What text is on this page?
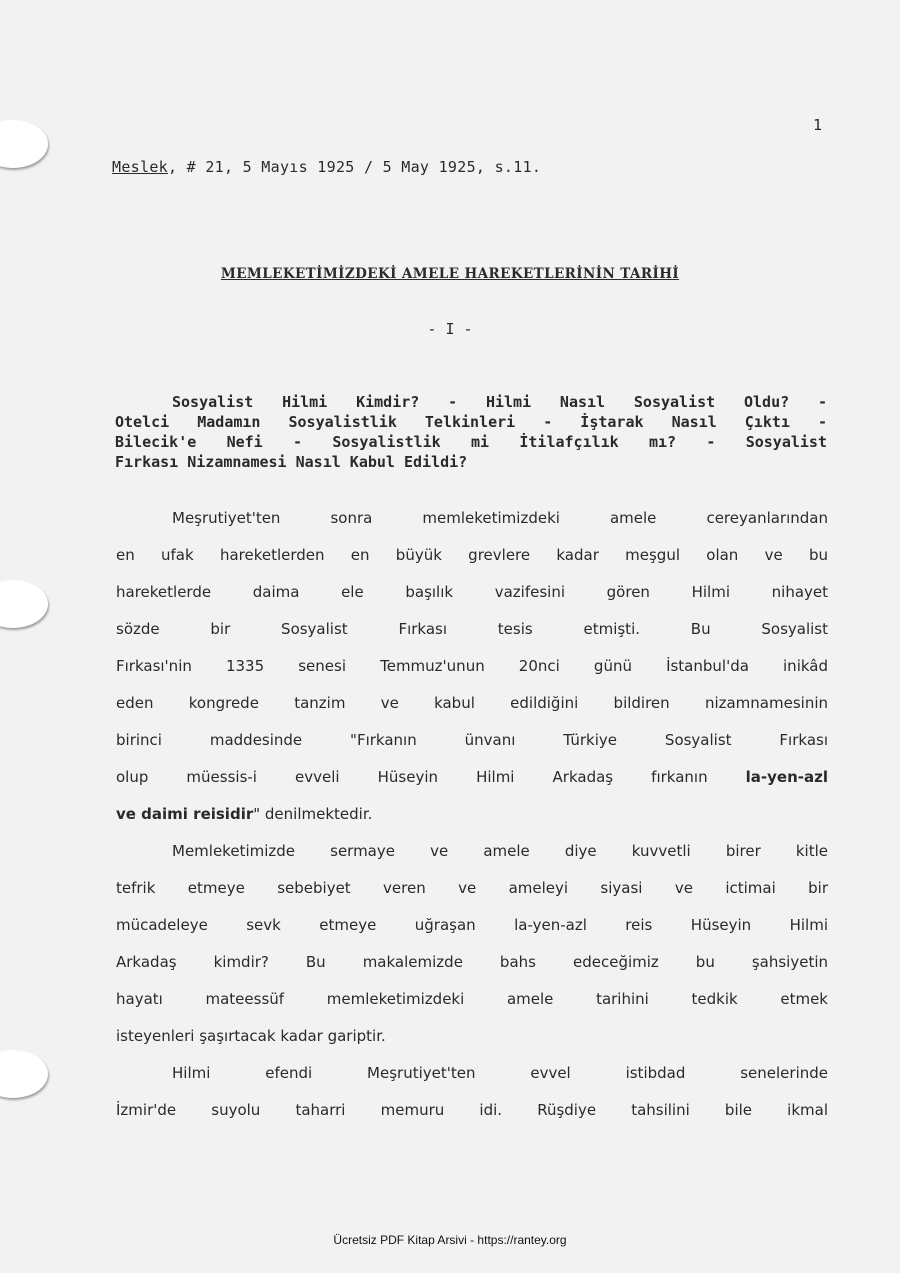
1
Meslek, # 21, 5 Mayıs 1925 / 5 May 1925, s.11.
MEMLEKETİMİZDEKİ AMELE HAREKETLERİNİN TARİHİ
- I -
Sosyalist Hilmi Kimdir? - Hilmi Nasıl Sosyalist Oldu? -
Otelci Madamın Sosyalistlik Telkinleri - İştarak Nasıl Çıktı -
Bilecik'e Nefi - Sosyalistlik mi İtilafçılık mı? - Sosyalist
Fırkası Nizamnamesi Nasıl Kabul Edildi?
Meşrutiyet'ten sonra memleketimizdeki amele cereyanlarından
en ufak hareketlerden en büyük grevlere kadar meşgul olan ve bu
hareketlerde daima ele başılık vazifesini gören Hilmi nihayet
sözde bir Sosyalist Fırkası tesis etmişti. Bu Sosyalist
Fırkası'nin 1335 senesi Temmuz'unun 20nci günü İstanbul'da inikâd
eden kongrede tanzim ve kabul edildiğini bildiren nizamnamesinin
birinci maddesinde "Fırkanın ünvanı Türkiye Sosyalist Fırkası
olup müessis-i evveli Hüseyin Hilmi Arkadaş fırkanın	la-yen-azl
ve daimi reisidir" denilmektedir.
Memleketimizde sermaye ve amele diye kuvvetli birer kitle
tefrik etmeye sebebiyet veren ve ameleyi siyasi ve ictimai bir
mücadeleye sevk etmeye uğraşan la-yen-azl reis Hüseyin Hilmi
Arkadaş kimdir? Bu makalemizde bahs edeceğimiz bu şahsiyetin
hayatı mateessüf memleketimizdeki amele tarihini tedkik etmek
isteyenleri şaşırtacak kadar gariptir.
Hilmi efendi Meşrutiyet'ten evvel istibdad senelerinde
İzmir'de suyolu taharri memuru idi. Rüşdiye tahsilini bile ikmal
Ücretsiz PDF Kitap Arsivi - https://rantey.org
